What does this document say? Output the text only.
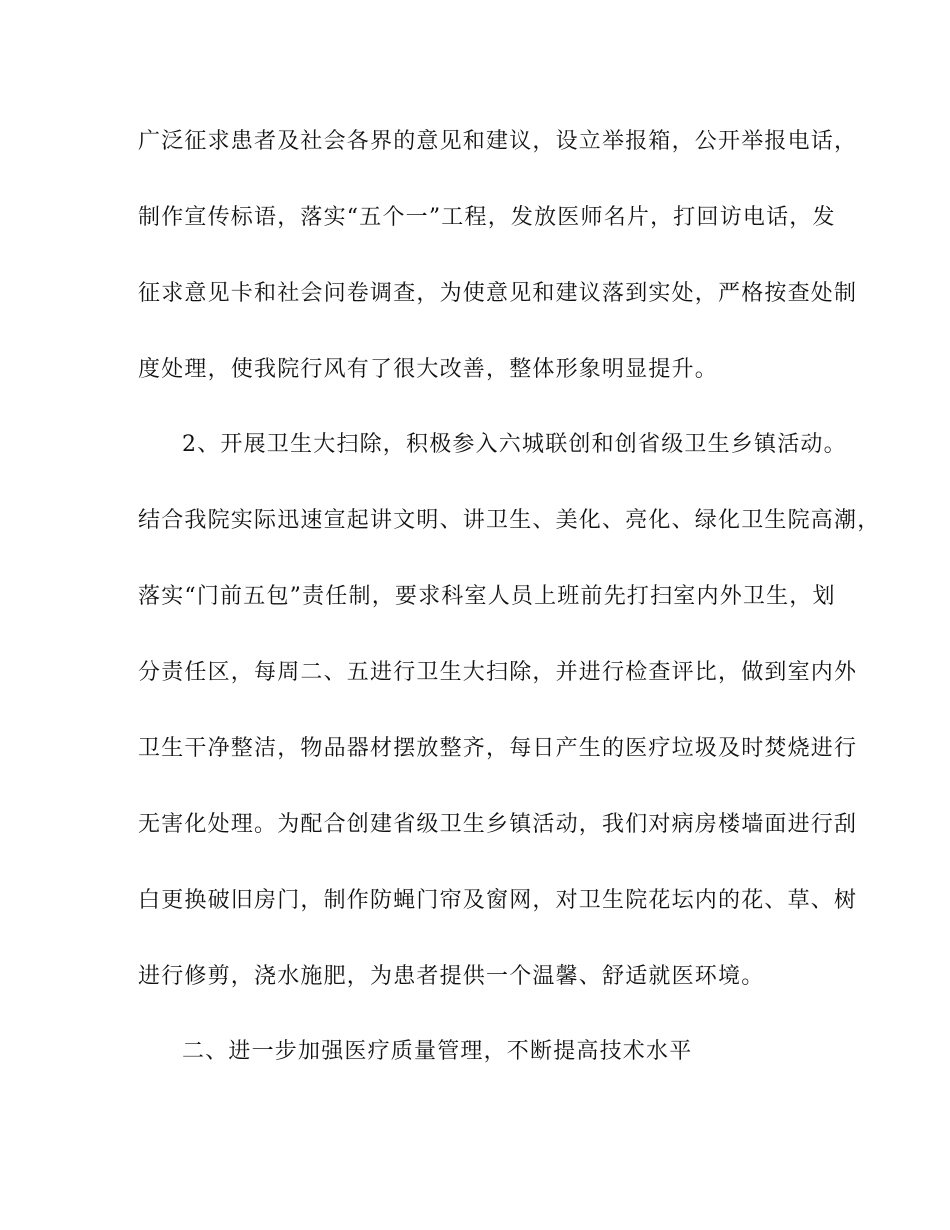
广泛征求患者及社会各界的意见和建议，设立举报箱，公开举报电话，
制作宣传标语，落实“五个一”工程，发放医师名片，打回访电话，发
征求意见卡和社会问卷调查，为使意见和建议落到实处，严格按查处制
度处理，使我院行风有了很大改善，整体形象明显提升。
2、开展卫生大扫除，积极参入六城联创和创省级卫生乡镇活动。
结合我院实际迅速宣起讲文明、讲卫生、美化、亮化、绿化卫生院高潮，
落实“门前五包”责任制，要求科室人员上班前先打扫室内外卫生，划
分责任区，每周二、五进行卫生大扫除，并进行检查评比，做到室内外
卫生干净整洁，物品器材摆放整齐，每日产生的医疗垃圾及时焚烧进行
无害化处理。为配合创建省级卫生乡镇活动，我们对病房楼墙面进行刮
白更换破旧房门，制作防蝇门帘及窗网，对卫生院花坛内的花、草、树
进行修剪，浇水施肥，为患者提供一个温馨、舒适就医环境。
二、进一步加强医疗质量管理，不断提高技术水平
